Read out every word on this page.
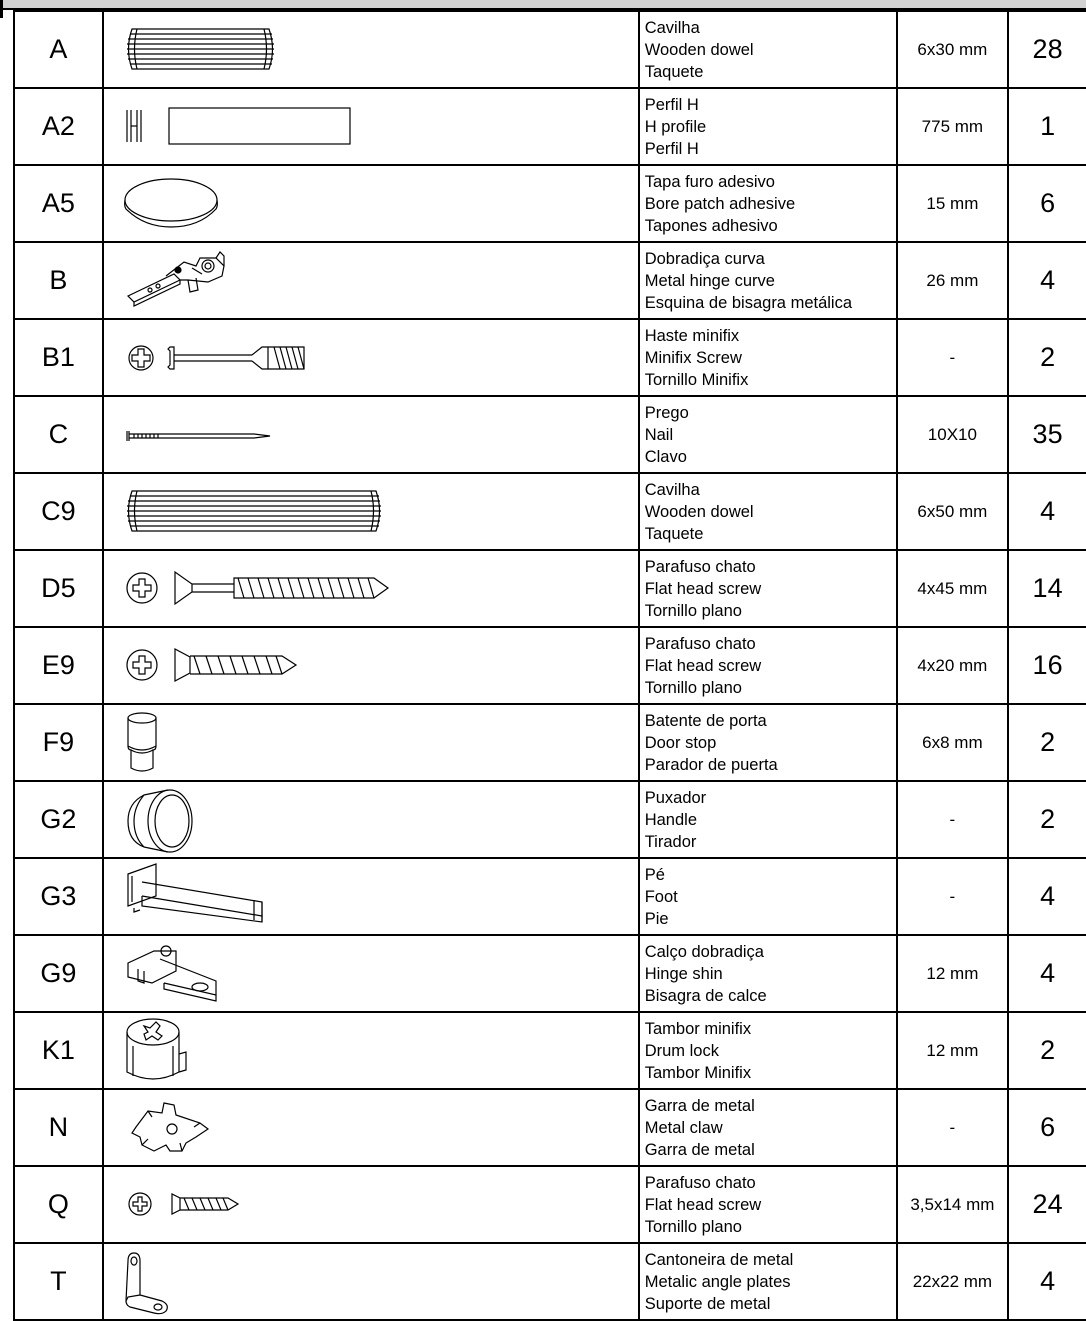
A		Cavilha
Wooden dowel
Taquete	6x30 mm	28
A2		Perfil H
H profile
Perfil H	775 mm	1
A5		Tapa furo adesivo
Bore patch adhesive
Tapones adhesivo	15 mm	6
B		Dobradiça curva
Metal hinge curve
Esquina de bisagra metálica	26 mm	4
B1		Haste minifix
Minifix Screw
Tornillo Minifix	-	2
C		Prego
Nail
Clavo	10X10	35
C9		Cavilha
Wooden dowel
Taquete	6x50 mm	4
D5		Parafuso chato
Flat head screw
Tornillo plano	4x45 mm	14
E9		Parafuso chato
Flat head screw
Tornillo plano	4x20 mm	16
F9		Batente de porta
Door stop
Parador de puerta	6x8 mm	2
G2		Puxador
Handle
Tirador	-	2
G3		Pé
Foot
Pie	-	4
G9		Calço dobradiça
Hinge shin
Bisagra de calce	12 mm	4
K1		Tambor minifix
Drum lock
Tambor Minifix	12 mm	2
N		Garra de metal
Metal claw
Garra de metal	-	6
Q		Parafuso chato
Flat head screw
Tornillo plano	3,5x14 mm	24
T		Cantoneira de metal
Metalic angle plates
Suporte de metal	22x22 mm	4
